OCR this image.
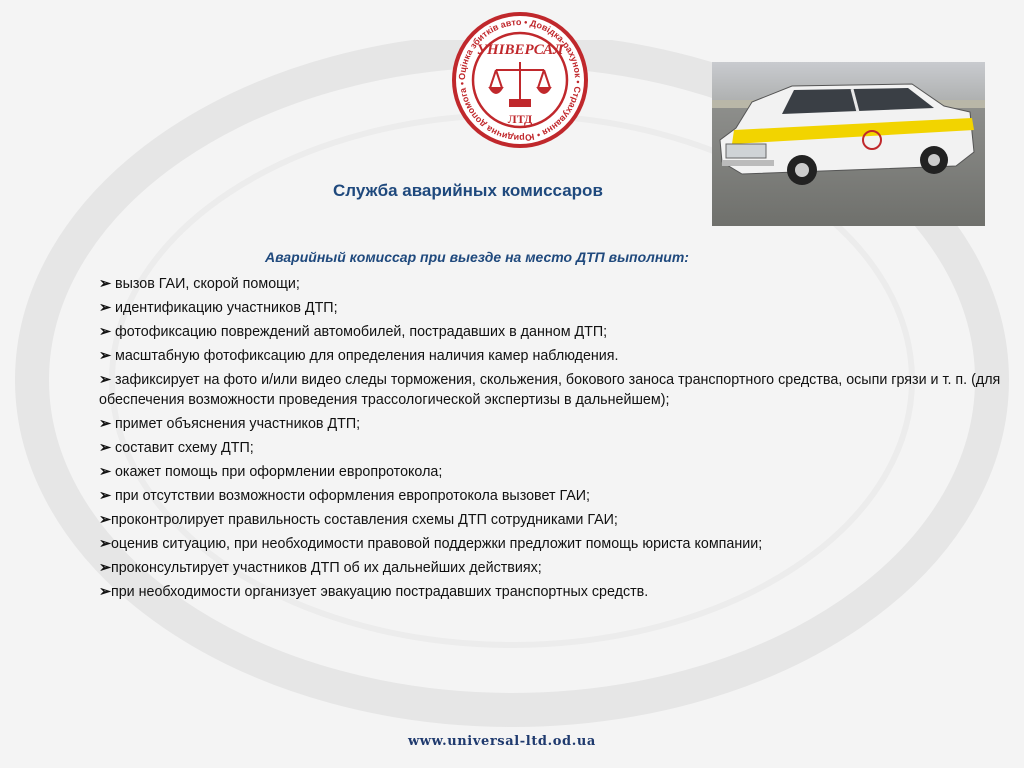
Оцінка збитків авто • Довідка-рахунок • Страхування • Юридична допомога •
УНІВЕРСАЛ
ЛТД
Служба аварийных комиссаров
Аварийный комиссар при выезде на место ДТП выполнит:
➢ вызов ГАИ, скорой помощи;
➢ идентификацию участников ДТП;
➢ фотофиксацию повреждений автомобилей, пострадавших в данном ДТП;
➢ масштабную фотофиксацию для определения наличия камер наблюдения.
➢ зафиксирует на фото и/или видео следы торможения, скольжения, бокового заноса транспортного средства, осыпи грязи и т. п. (для обеспечения возможности проведения трассологической экспертизы в дальнейшем);
➢ примет объяснения участников ДТП;
➢ составит схему ДТП;
➢ окажет помощь при оформлении европротокола;
➢ при отсутствии возможности оформления европротокола вызовет ГАИ;
➢проконтролирует правильность составления схемы ДТП сотрудниками ГАИ;
➢оценив ситуацию, при необходимости правовой поддержки предложит помощь юриста компании;
➢проконсультирует участников ДТП об их дальнейших действиях;
➢при необходимости организует эвакуацию пострадавших транспортных средств.

www.universal-ltd.od.ua
